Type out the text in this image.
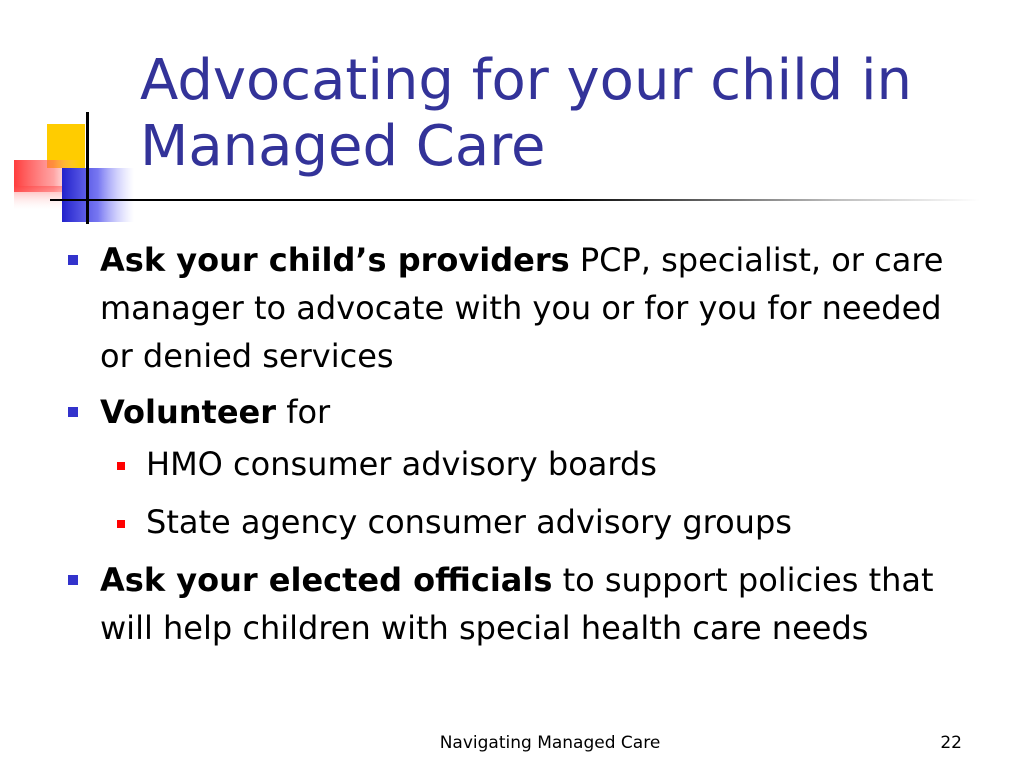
Advocating for your child in
Managed Care
Ask your child’s providers PCP, specialist, or care manager to advocate with you or for you for needed or denied services
Volunteer for
HMO consumer advisory boards
State agency consumer advisory groups
Ask your elected officials to support policies that will help children with special health care needs
Navigating Managed Care	22
